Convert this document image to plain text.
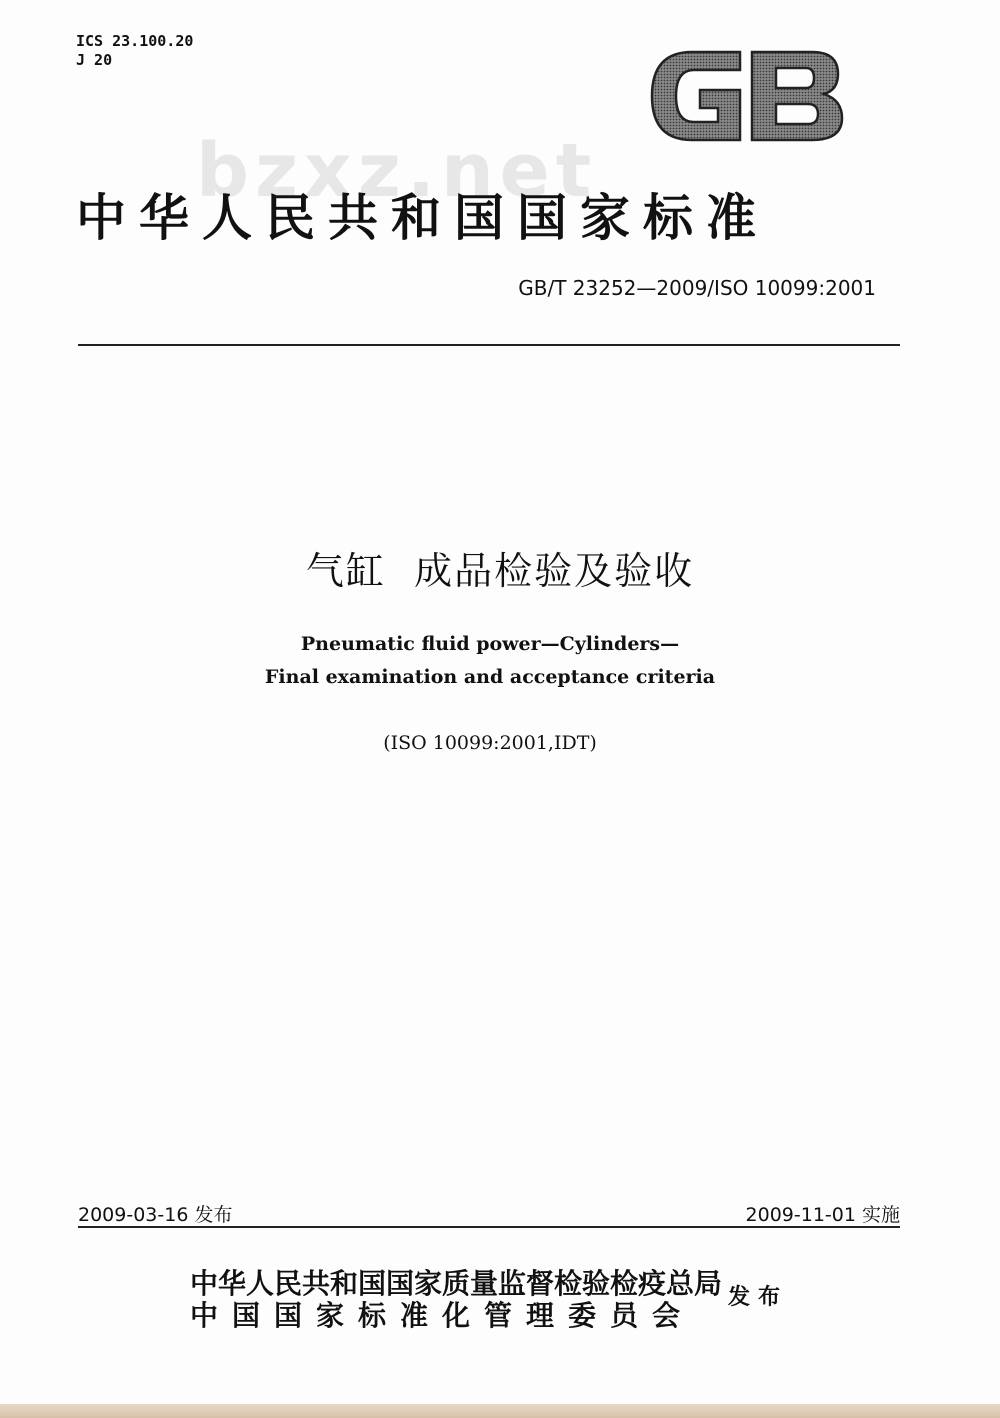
ICS 23.100.20
J 20
bzxz.net
中华人民共和国国家标准
GB/T 23252—2009/ISO 10099:2001
气缸  成品检验及验收
Pneumatic fluid power—Cylinders—
Final examination and acceptance criteria
(ISO 10099:2001,IDT)
2009-03-16 发布	2009-11-01 实施
中华人民共和国国家质量监督检验检疫总局
中国国家标准化管理委员会
发布
